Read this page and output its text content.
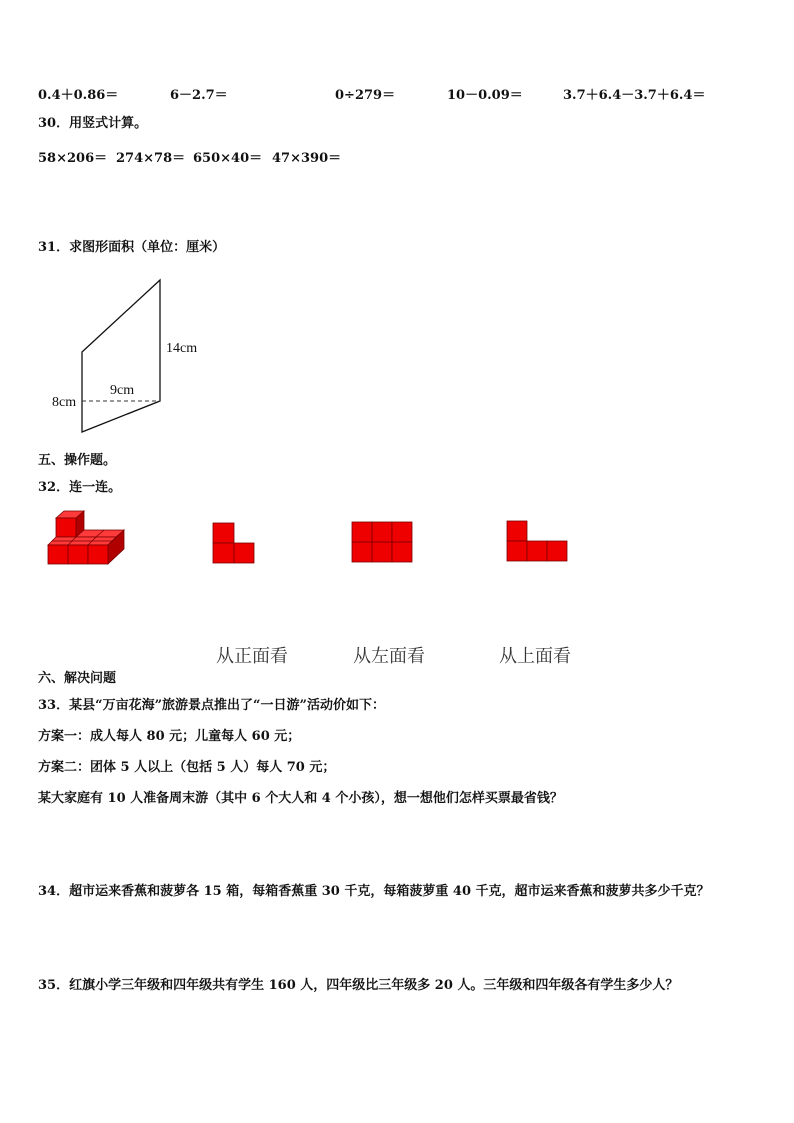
0.4＋0.86＝	6－2.7＝	0÷279＝	10－0.09＝	3.7＋6.4－3.7＋6.4＝
30．用竖式计算。
58×206＝ 274×78＝ 650×40＝ 47×390＝
31．求图形面积（单位：厘米）
14cm
8cm
9cm
五、操作题。
32．连一连。
从正面看	从左面看	从上面看
六、解决问题
33．某县“万亩花海”旅游景点推出了“一日游”活动价如下：
方案一：成人每人 80 元；儿童每人 60 元；
方案二：团体 5 人以上（包括 5 人）每人 70 元；
某大家庭有 10 人准备周末游（其中 6 个大人和 4 个小孩），想一想他们怎样买票最省钱？
34．超市运来香蕉和菠萝各 15 箱，每箱香蕉重 30 千克，每箱菠萝重 40 千克，超市运来香蕉和菠萝共多少千克？
35．红旗小学三年级和四年级共有学生 160 人，四年级比三年级多 20 人。三年级和四年级各有学生多少人？
